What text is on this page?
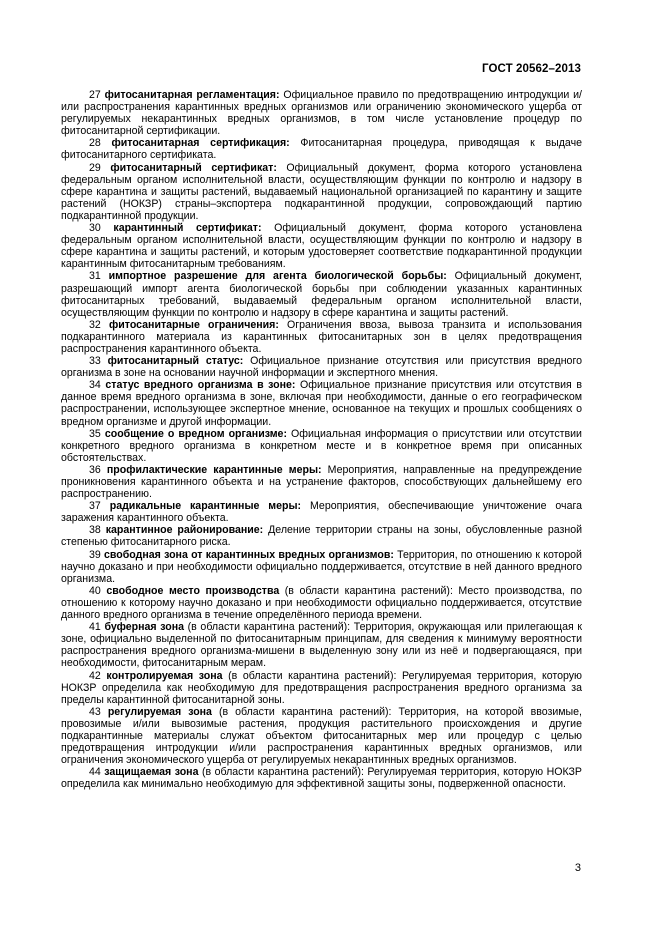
ГОСТ 20562–2013

27 фитосанитарная регламентация: Официальное правило по предотвращению интродукции и/или распространения карантинных вредных организмов или ограничению экономического ущерба от регулируемых некарантинных вредных организмов, в том числе установление процедур по фитосанитарной сертификации.

28 фитосанитарная сертификация: Фитосанитарная процедура, приводящая к выдаче фитосанитарного сертификата.

29 фитосанитарный сертификат: Официальный документ, форма которого установлена федеральным органом исполнительной власти, осуществляющим функции по контролю и надзору в сфере карантина и защиты растений, выдаваемый национальной организацией по карантину и защите растений (НОКЗР) страны–экспортера подкарантинной продукции, сопровождающий партию подкарантинной продукции.

30 карантинный сертификат: Официальный документ, форма которого установлена федеральным органом исполнительной власти, осуществляющим функции по контролю и надзору в сфере карантина и защиты растений, и которым удостоверяет соответствие подкарантинной продукции карантинным фитосанитарным требованиям.

31 импортное разрешение для агента биологической борьбы: Официальный документ, разрешающий импорт агента биологической борьбы при соблюдении указанных карантинных фитосанитарных требований, выдаваемый федеральным органом исполнительной власти, осуществляющим функции по контролю и надзору в сфере карантина и защиты растений.

32 фитосанитарные ограничения: Ограничения ввоза, вывоза транзита и использования подкарантинного материала из карантинных фитосанитарных зон в целях предотвращения распространения карантинного объекта.

33 фитосанитарный статус: Официальное признание отсутствия или присутствия вредного организма в зоне на основании научной информации и экспертного мнения.

34 статус вредного организма в зоне: Официальное признание присутствия или отсутствия в данное время вредного организма в зоне, включая при необходимости, данные о его географическом распространении, использующее экспертное мнение, основанное на текущих и прошлых сообщениях о вредном организме и другой информации.

35 сообщение о вредном организме: Официальная информация о присутствии или отсутствии конкретного вредного организма в конкретном месте и в конкретное время при описанных обстоятельствах.

36 профилактические карантинные меры: Мероприятия, направленные на предупреждение проникновения карантинного объекта и на устранение факторов, способствующих дальнейшему его распространению.

37 радикальные карантинные меры: Мероприятия, обеспечивающие уничтожение очага заражения карантинного объекта.

38 карантинное районирование: Деление территории страны на зоны, обусловленные разной степенью фитосанитарного риска.

39 свободная зона от карантинных вредных организмов: Территория, по отношению к которой научно доказано и при необходимости официально поддерживается, отсутствие в ней данного вредного организма.

40 свободное место производства (в области карантина растений): Место производства, по отношению к которому научно доказано и при необходимости официально поддерживается, отсутствие данного вредного организма в течение определённого периода времени.

41 буферная зона (в области карантина растений): Территория, окружающая или прилегающая к зоне, официально выделенной по фитосанитарным принципам, для сведения к минимуму вероятности распространения вредного организма-мишени в выделенную зону или из неё и подвергающаяся, при необходимости, фитосанитарным мерам.

42 контролируемая зона (в области карантина растений): Регулируемая территория, которую НОКЗР определила как необходимую для предотвращения распространения вредного организма за пределы карантинной фитосанитарной зоны.

43 регулируемая зона (в области карантина растений): Территория, на которой ввозимые, провозимые и/или вывозимые растения, продукция растительного происхождения и другие подкарантинные материалы служат объектом фитосанитарных мер или процедур с целью предотвращения интродукции и/или распространения карантинных вредных организмов, или ограничения экономического ущерба от регулируемых некарантинных вредных организмов.

44 защищаемая зона (в области карантина растений): Регулируемая территория, которую НОКЗР определила как минимально необходимую для эффективной защиты зоны, подверженной опасности.

3
